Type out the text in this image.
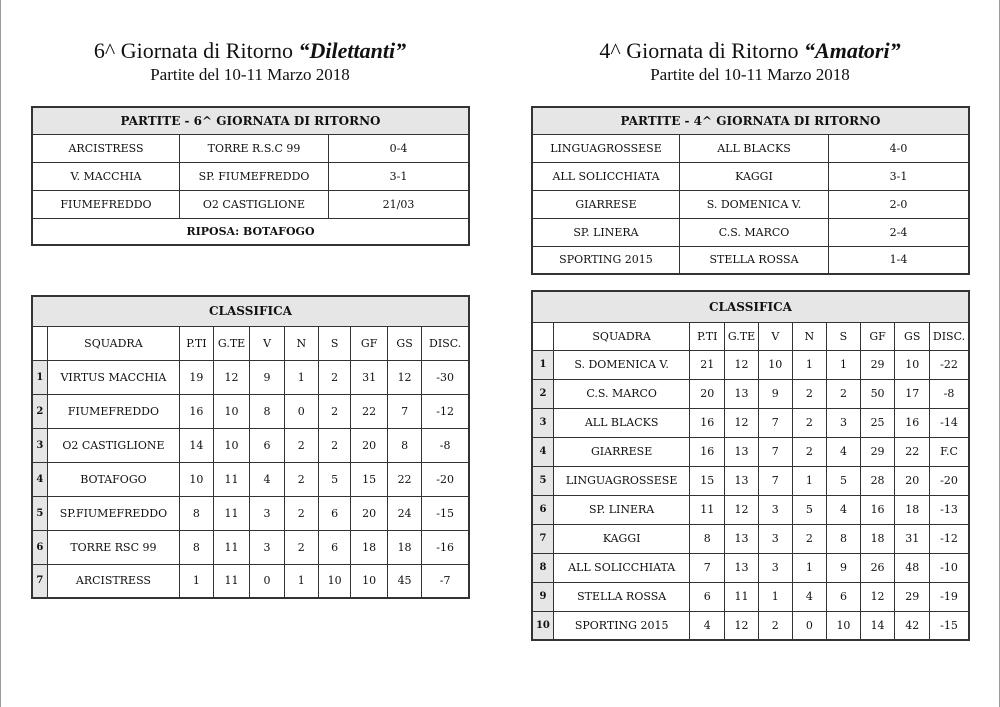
6^ Giornata di Ritorno “Dilettanti”
Partite del 10-11 Marzo 2018
PARTITE - 6^ GIORNATA DI RITORNO		
ARCISTRESS	TORRE R.S.C 99	0-4
V. MACCHIA	SP. FIUMEFREDDO	3-1
FIUMEFREDDO	O2 CASTIGLIONE	21/03
RIPOSA: BOTAFOGO		
CLASSIFICA									
	SQUADRA	P.TI	G.TE	V	N	S	GF	GS	DISC.
1	VIRTUS MACCHIA	19	12	9	1	2	31	12	-30
2	FIUMEFREDDO	16	10	8	0	2	22	7	-12
3	O2 CASTIGLIONE	14	10	6	2	2	20	8	-8
4	BOTAFOGO	10	11	4	2	5	15	22	-20
5	SP.FIUMEFREDDO	8	11	3	2	6	20	24	-15
6	TORRE RSC 99	8	11	3	2	6	18	18	-16
7	ARCISTRESS	1	11	0	1	10	10	45	-7
4^ Giornata di Ritorno “Amatori”
Partite del 10-11 Marzo 2018
PARTITE - 4^ GIORNATA DI RITORNO		
LINGUAGROSSESE	ALL BLACKS	4-0
ALL SOLICCHIATA	KAGGI	3-1
GIARRESE	S. DOMENICA V.	2-0
SP. LINERA	C.S. MARCO	2-4
SPORTING 2015	STELLA ROSSA	1-4
CLASSIFICA									
	SQUADRA	P.TI	G.TE	V	N	S	GF	GS	DISC.
1	S. DOMENICA V.	21	12	10	1	1	29	10	-22
2	C.S. MARCO	20	13	9	2	2	50	17	-8
3	ALL BLACKS	16	12	7	2	3	25	16	-14
4	GIARRESE	16	13	7	2	4	29	22	F.C
5	LINGUAGROSSESE	15	13	7	1	5	28	20	-20
6	SP. LINERA	11	12	3	5	4	16	18	-13
7	KAGGI	8	13	3	2	8	18	31	-12
8	ALL SOLICCHIATA	7	13	3	1	9	26	48	-10
9	STELLA ROSSA	6	11	1	4	6	12	29	-19
10	SPORTING 2015	4	12	2	0	10	14	42	-15
